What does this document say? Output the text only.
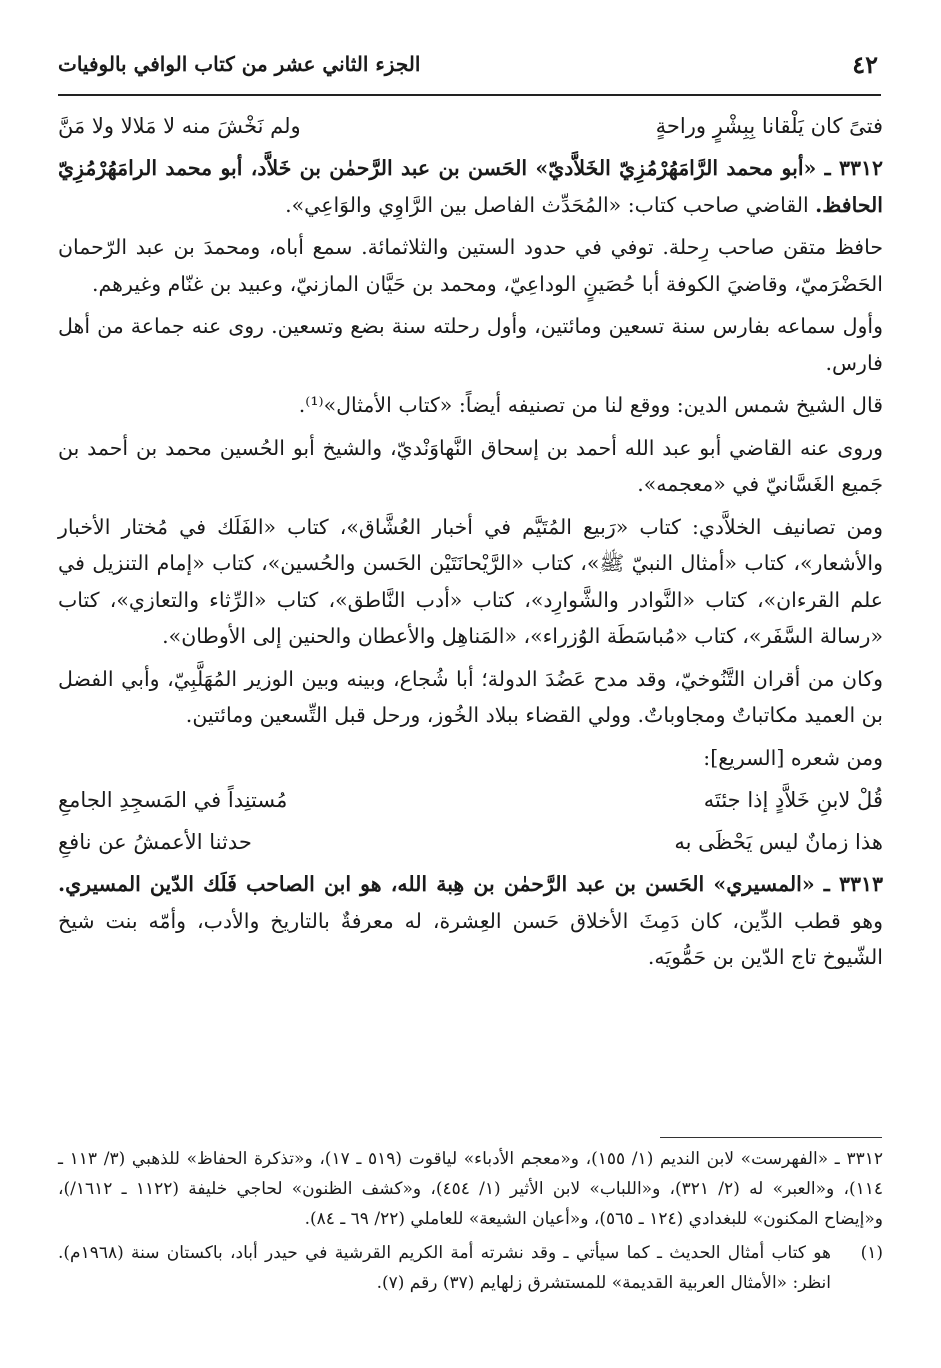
٤٢
الجزء الثاني عشر من كتاب الوافي بالوفيات
فتىً كان يَلْقانا بِبِشْرٍ وراحةٍ
ولم نَخْشَ منه لا مَلالا ولا مَنَّ

٣٣١٢ ـ «أبو محمد الرَّامَهُرْمُزِيّ الخَلاَّديّ» الحَسن بن عبد الرَّحمٰن بن خَلاَّد، أبو محمد الرامَهُرْمُزِيّ الحافظ. القاضي صاحب كتاب: «المُحَدِّث الفاصل بين الرَّاوِي والوَاعِي».

حافظ متقن صاحب رِحلة. توفي في حدود الستين والثلاثمائة. سمع أباه، ومحمدَ بن عبد الرّحمان الحَضْرَميّ، وقاضيَ الكوفة أبا حُصَينٍ الوداعِيّ، ومحمد بن حَيَّان المازنيّ، وعبيد بن غنّام وغيرهم.

وأول سماعه بفارس سنة تسعين ومائتين، وأول رحلته سنة بضع وتسعين. روى عنه جماعة من أهل فارس.

قال الشيخ شمس الدين: ووقع لنا من تصنيفه أيضاً: «كتاب الأمثال»⁽¹⁾.

وروى عنه القاضي أبو عبد الله أحمد بن إسحاق النَّهاوَنْديّ، والشيخ أبو الحُسين محمد بن أحمد بن جَميع الغَسَّانيّ في «معجمه».

ومن تصانيف الخلاَّدي: كتاب «رَبيع المُتَيَّم في أخبار العُشَّاق»، كتاب «الفَلَك في مُختار الأخبار والأشعار»، كتاب «أمثال النبيّ ﷺ»، كتاب «الرَّيْحانَتَيْن الحَسن والحُسين»، كتاب «إمام التنزيل في علم القرءان»، كتاب «النَّوادر والشَّوارِد»، كتاب «أدب النَّاطق»، كتاب «الرِّثاء والتعازي»، كتاب «رسالة السَّفَر»، كتاب «مُباسَطَة الوُزراء»، «المَناهِل والأعطان والحنين إلى الأوطان».

وكان من أقران التَّنُوخيّ، وقد مدح عَضُدَ الدولة؛ أبا شُجاع، وبينه وبين الوزير المُهَلَّبِيّ، وأبي الفضل بن العميد مكاتباتٌ ومجاوباتٌ. وولي القضاء ببلاد الخُوز، ورحل قبل التِّسعين ومائتين.

ومن شعره [السريع]:

قُلْ لابنِ خَلاَّدٍ إذا جئتَه
مُستنِداً في المَسجِدِ الجامعِ
هذا زمانٌ ليس يَحْظَى به
حدثنا الأعمشُ عن نافعِ

٣٣١٣ ـ «المسيري» الحَسن بن عبد الرَّحمٰن بن هِبة الله، هو ابن الصاحب فَلَك الدّين المسيري. وهو قطب الدِّين، كان دَمِثَ الأخلاق حَسن العِشرة، له معرفةٌ بالتاريخ والأدب، وأمّه بنت شيخ الشّيوخ تاج الدّين بن حَمُّويَه.

٣٣١٢ ـ «الفهرست» لابن النديم (١/ ١٥٥)، و«معجم الأدباء» لياقوت (٥١٩ ـ ١٧)، و«تذكرة الحفاظ» للذهبي (٣/ ١١٣ ـ ١١٤)، و«العبر» له (٢/ ٣٢١)، و«اللباب» لابن الأثير (١/ ٤٥٤)، و«كشف الظنون» لحاجي خليفة (١١٢٢ ـ ١٦١٢/)، و«إيضاح المكنون» للبغدادي (١٢٤ ـ ٥٦٥)، و«أعيان الشيعة» للعاملي (٢٢/ ٦٩ ـ ٨٤).

(١)
هو كتاب أمثال الحديث ـ كما سيأتي ـ وقد نشرته أمة الكريم القرشية في حيدر أباد، باكستان سنة (١٩٦٨م). انظر: «الأمثال العربية القديمة» للمستشرق زلهايم (٣٧) رقم (٧).
